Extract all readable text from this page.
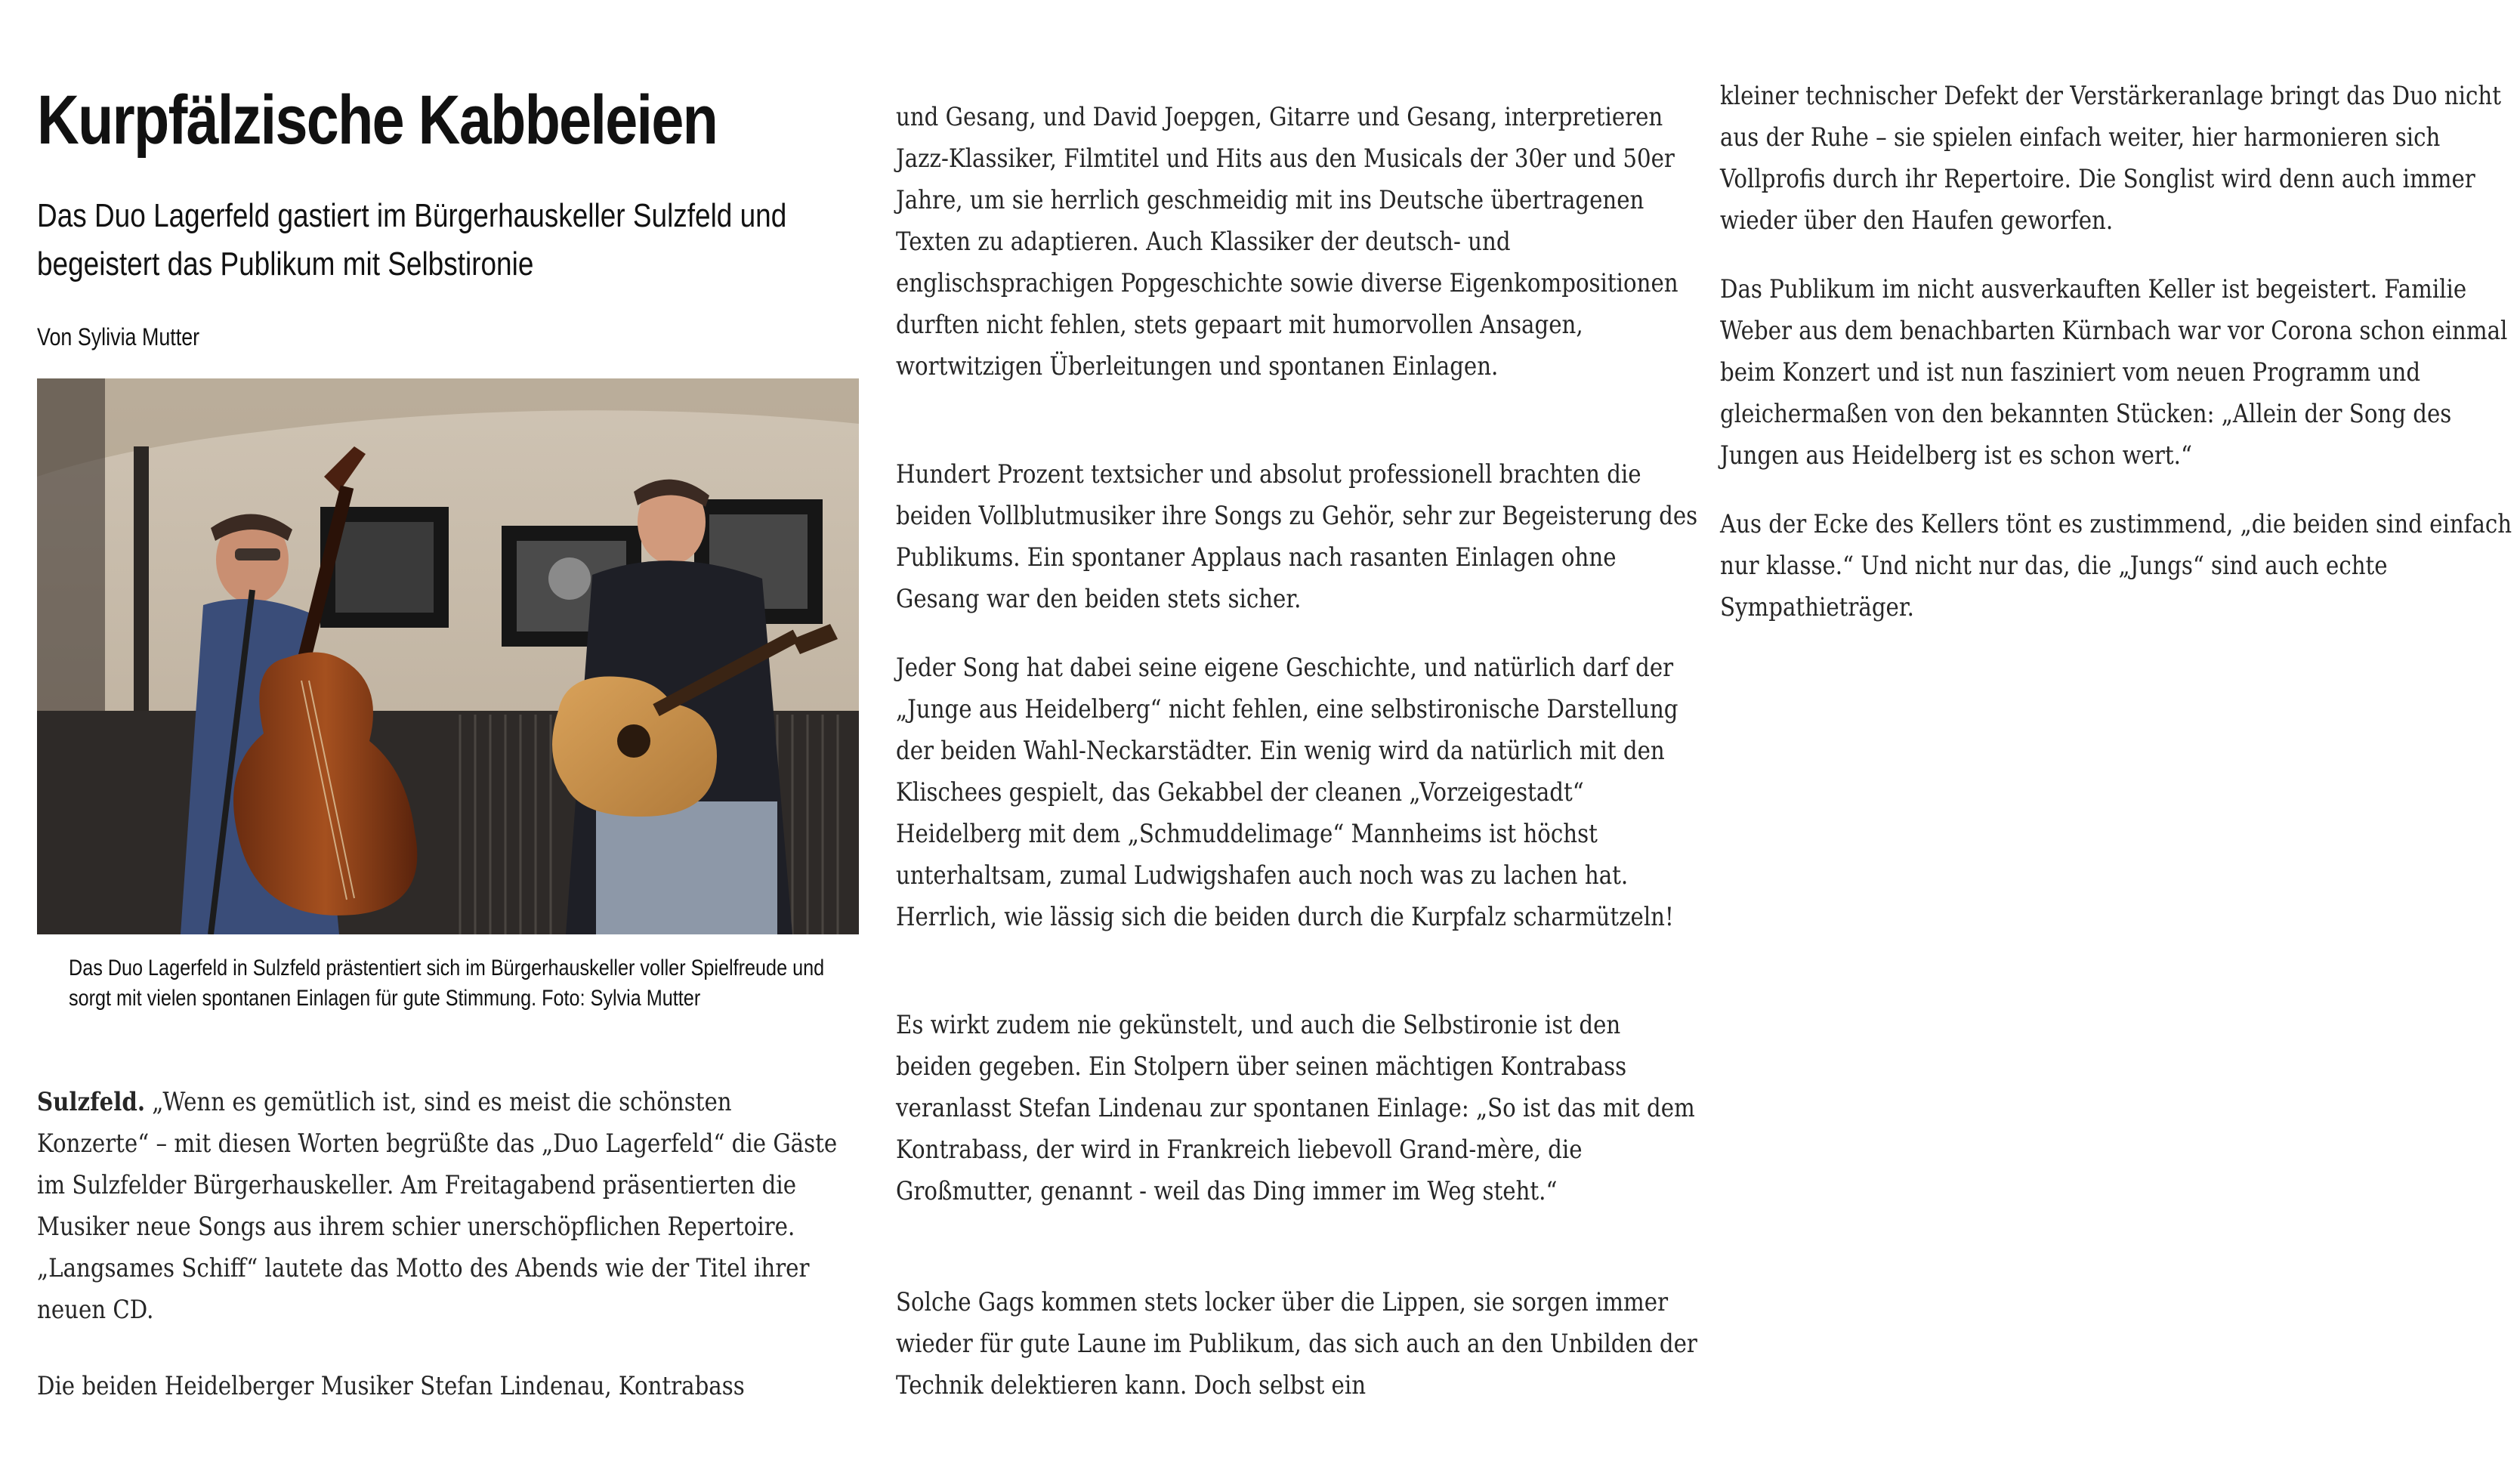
Kurpfälzische Kabbeleien
Das Duo Lagerfeld gastiert im Bürgerhauskeller Sulzfeld und begeistert das Publikum mit Selbstironie

Von Sylivia Mutter

Das Duo Lagerfeld in Sulzfeld prästentiert sich im Bürgerhauskeller voller Spielfreude und sorgt mit vielen spontanen Einlagen für gute Stimmung. Foto: Sylvia Mutter

Sulzfeld. „Wenn es gemütlich ist, sind es meist die schönsten Konzerte“ – mit diesen Worten begrüßte das „Duo Lagerfeld“ die Gäste im Sulzfelder Bürgerhauskeller. Am Freitagabend präsentierten die Musiker neue Songs aus ihrem schier unerschöpflichen Repertoire. „Langsames Schiff“ lautete das Motto des Abends wie der Titel ihrer neuen CD.

Die beiden Heidelberger Musiker Stefan Lindenau, Kontrabass

und Gesang, und David Joepgen, Gitarre und Gesang, interpretieren Jazz-Klassiker, Filmtitel und Hits aus den Musicals der 30er und 50er Jahre, um sie herrlich geschmeidig mit ins Deutsche übertragenen Texten zu adaptieren. Auch Klassiker der deutsch- und englischsprachigen Popgeschichte sowie diverse Eigenkompositionen durften nicht fehlen, stets gepaart mit humorvollen Ansagen, wortwitzigen Überleitungen und spontanen Einlagen.

Hundert Prozent textsicher und absolut professionell brachten die beiden Vollblutmusiker ihre Songs zu Gehör, sehr zur Begeisterung des Publikums. Ein spontaner Applaus nach rasanten Einlagen ohne Gesang war den beiden stets sicher.

Jeder Song hat dabei seine eigene Geschichte, und natürlich darf der „Junge aus Heidelberg“ nicht fehlen, eine selbstironische Darstellung der beiden Wahl-Neckarstädter. Ein wenig wird da natürlich mit den Klischees gespielt, das Gekabbel der cleanen „Vorzeigestadt“ Heidelberg mit dem „Schmuddelimage“ Mannheims ist höchst unterhaltsam, zumal Ludwigshafen auch noch was zu lachen hat. Herrlich, wie lässig sich die beiden durch die Kurpfalz scharmützeln!

Es wirkt zudem nie gekünstelt, und auch die Selbstironie ist den beiden gegeben. Ein Stolpern über seinen mächtigen Kontrabass veranlasst Stefan Lindenau zur spontanen Einlage: „So ist das mit dem Kontrabass, der wird in Frankreich liebevoll Grand-mère, die Großmutter, genannt - weil das Ding immer im Weg steht.“

Solche Gags kommen stets locker über die Lippen, sie sorgen immer wieder für gute Laune im Publikum, das sich auch an den Unbilden der Technik delektieren kann. Doch selbst ein

kleiner technischer Defekt der Verstärkeranlage bringt das Duo nicht aus der Ruhe – sie spielen einfach weiter, hier harmonieren sich Vollprofis durch ihr Repertoire. Die Songlist wird denn auch immer wieder über den Haufen geworfen.

Das Publikum im nicht ausverkauften Keller ist begeistert. Familie Weber aus dem benachbarten Kürnbach war vor Corona schon einmal beim Konzert und ist nun fasziniert vom neuen Programm und gleichermaßen von den bekannten Stücken: „Allein der Song des Jungen aus Heidelberg ist es schon wert.“

Aus der Ecke des Kellers tönt es zustimmend, „die beiden sind einfach nur klasse.“ Und nicht nur das, die „Jungs“ sind auch echte Sympathieträger.
